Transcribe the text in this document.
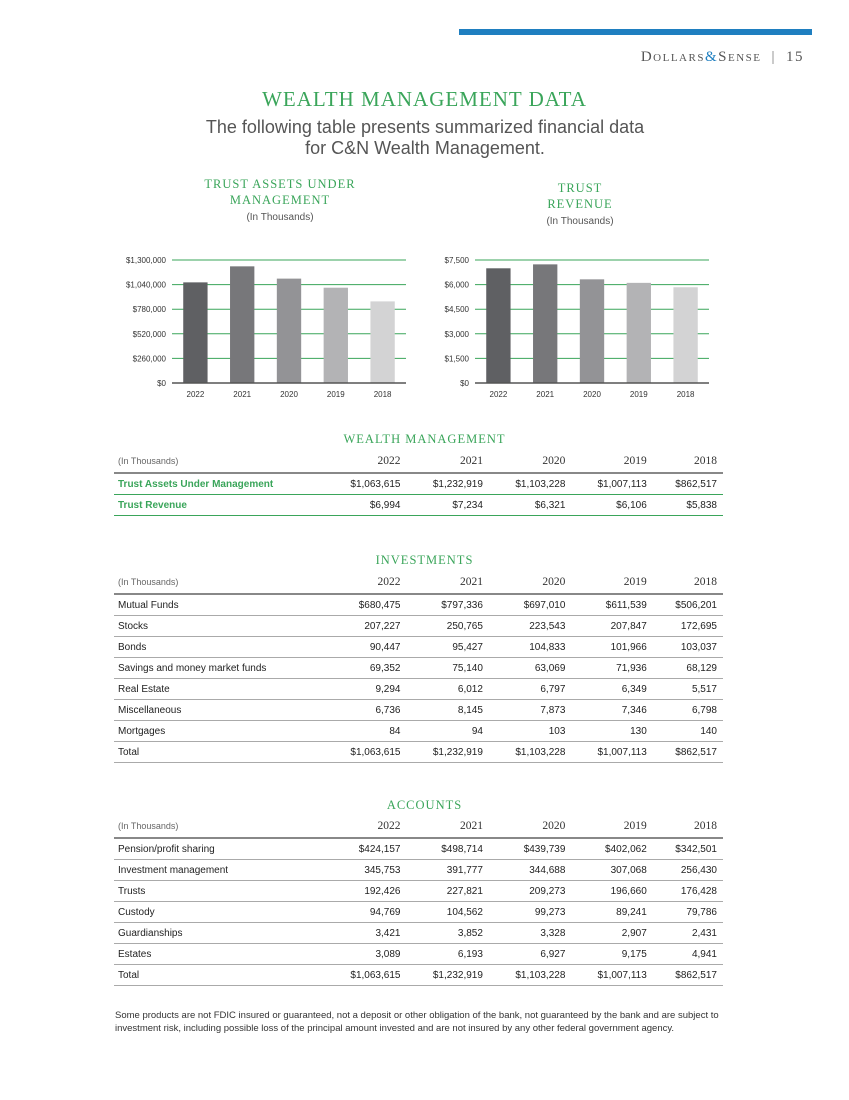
Dollars&Sense | 15
WEALTH MANAGEMENT DATA
The following table presents summarized financial data for C&N Wealth Management.
TRUST ASSETS UNDER
MANAGEMENT
(In Thousands)
TRUST
REVENUE
(In Thousands)
$0
$260,000
$520,000
$780,000
$1,040,000
$1,300,000
2022	2021	2020	2019	2018
$0
$1,500
$3,000
$4,500
$6,000
$7,500
2022	2021	2020	2019	2018
WEALTH MANAGEMENT
(In Thousands)	2022	2021	2020	2019	2018
Trust Assets Under Management	$1,063,615	$1,232,919	$1,103,228	$1,007,113	$862,517
Trust Revenue	$6,994	$7,234	$6,321	$6,106	$5,838
INVESTMENTS
(In Thousands)	2022	2021	2020	2019	2018
Mutual Funds	$680,475	$797,336	$697,010	$611,539	$506,201
Stocks	207,227	250,765	223,543	207,847	172,695
Bonds	90,447	95,427	104,833	101,966	103,037
Savings and money market funds	69,352	75,140	63,069	71,936	68,129
Real Estate	9,294	6,012	6,797	6,349	5,517
Miscellaneous	6,736	8,145	7,873	7,346	6,798
Mortgages	84	94	103	130	140
Total	$1,063,615	$1,232,919	$1,103,228	$1,007,113	$862,517
ACCOUNTS
(In Thousands)	2022	2021	2020	2019	2018
Pension/profit sharing	$424,157	$498,714	$439,739	$402,062	$342,501
Investment management	345,753	391,777	344,688	307,068	256,430
Trusts	192,426	227,821	209,273	196,660	176,428
Custody	94,769	104,562	99,273	89,241	79,786
Guardianships	3,421	3,852	3,328	2,907	2,431
Estates	3,089	6,193	6,927	9,175	4,941
Total	$1,063,615	$1,232,919	$1,103,228	$1,007,113	$862,517
Some products are not FDIC insured or guaranteed, not a deposit or other obligation of the bank, not guaranteed by the bank and are subject to investment risk, including possible loss of the principal amount invested and are not insured by any other federal government agency.
